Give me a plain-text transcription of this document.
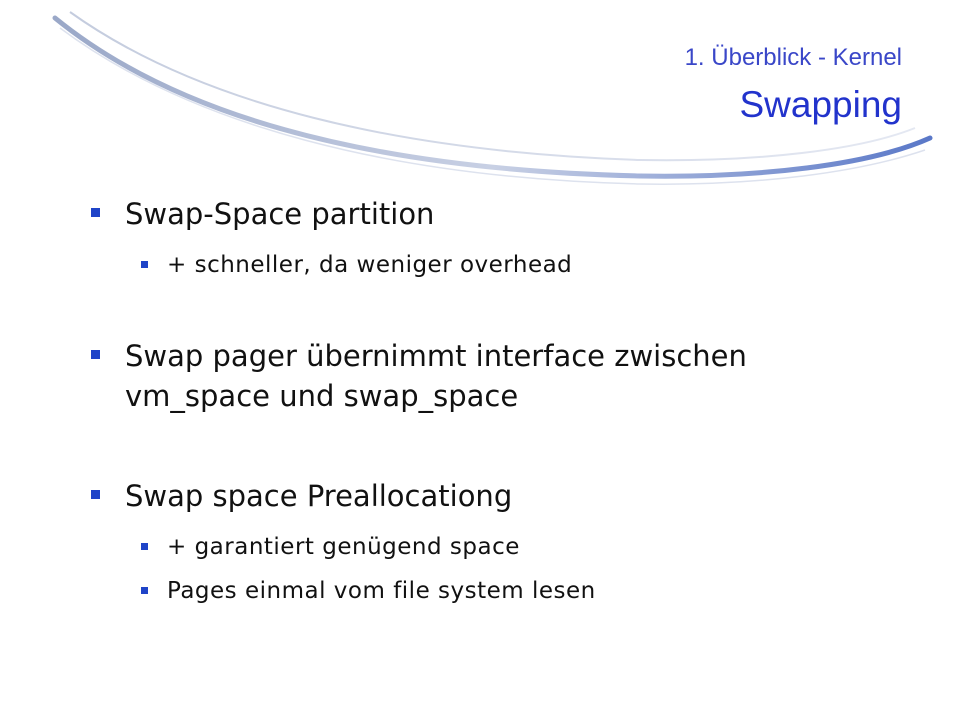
1. Überblick - Kernel
Swapping
Swap-Space partition
+ schneller, da weniger overhead
Swap pager übernimmt interface zwischen
vm_space und swap_space
Swap space Preallocationg
+ garantiert genügend space
Pages einmal vom file system lesen
